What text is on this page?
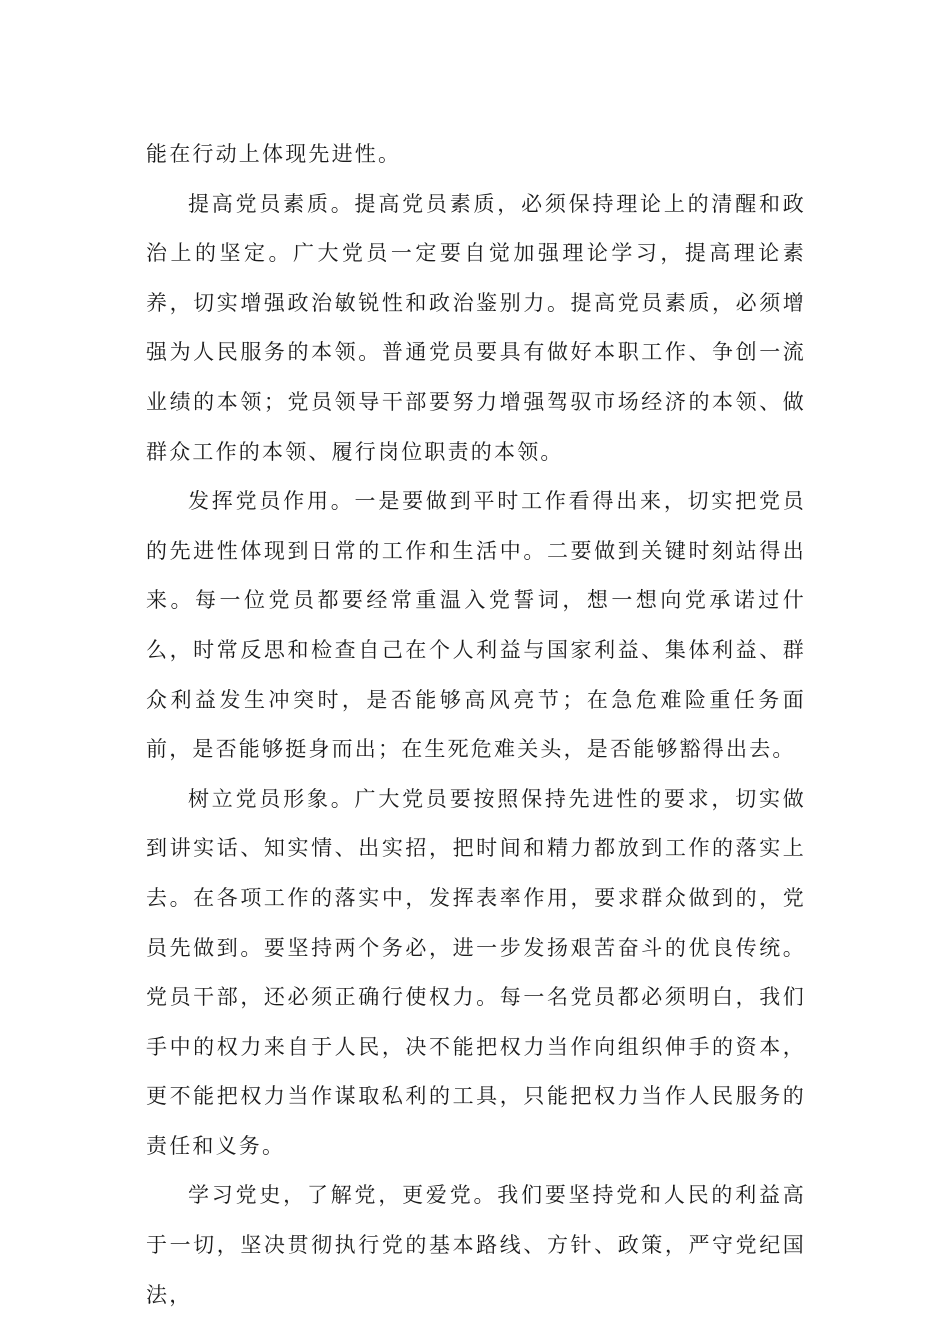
能在行动上体现先进性。

提高党员素质。提高党员素质，必须保持理论上的清醒和政治上的坚定。广大党员一定要自觉加强理论学习，提高理论素养，切实增强政治敏锐性和政治鉴别力。提高党员素质，必须增强为人民服务的本领。普通党员要具有做好本职工作、争创一流业绩的本领；党员领导干部要努力增强驾驭市场经济的本领、做群众工作的本领、履行岗位职责的本领。

发挥党员作用。一是要做到平时工作看得出来，切实把党员的先进性体现到日常的工作和生活中。二要做到关键时刻站得出来。每一位党员都要经常重温入党誓词，想一想向党承诺过什么，时常反思和检查自己在个人利益与国家利益、集体利益、群众利益发生冲突时，是否能够高风亮节；在急危难险重任务面前，是否能够挺身而出；在生死危难关头，是否能够豁得出去。

树立党员形象。广大党员要按照保持先进性的要求，切实做到讲实话、知实情、出实招，把时间和精力都放到工作的落实上去。在各项工作的落实中，发挥表率作用，要求群众做到的，党员先做到。要坚持两个务必，进一步发扬艰苦奋斗的优良传统。党员干部，还必须正确行使权力。每一名党员都必须明白，我们手中的权力来自于人民，决不能把权力当作向组织伸手的资本，更不能把权力当作谋取私利的工具，只能把权力当作人民服务的责任和义务。

学习党史，了解党，更爱党。我们要坚持党和人民的利益高于一切，坚决贯彻执行党的基本路线、方针、政策，严守党纪国法，
